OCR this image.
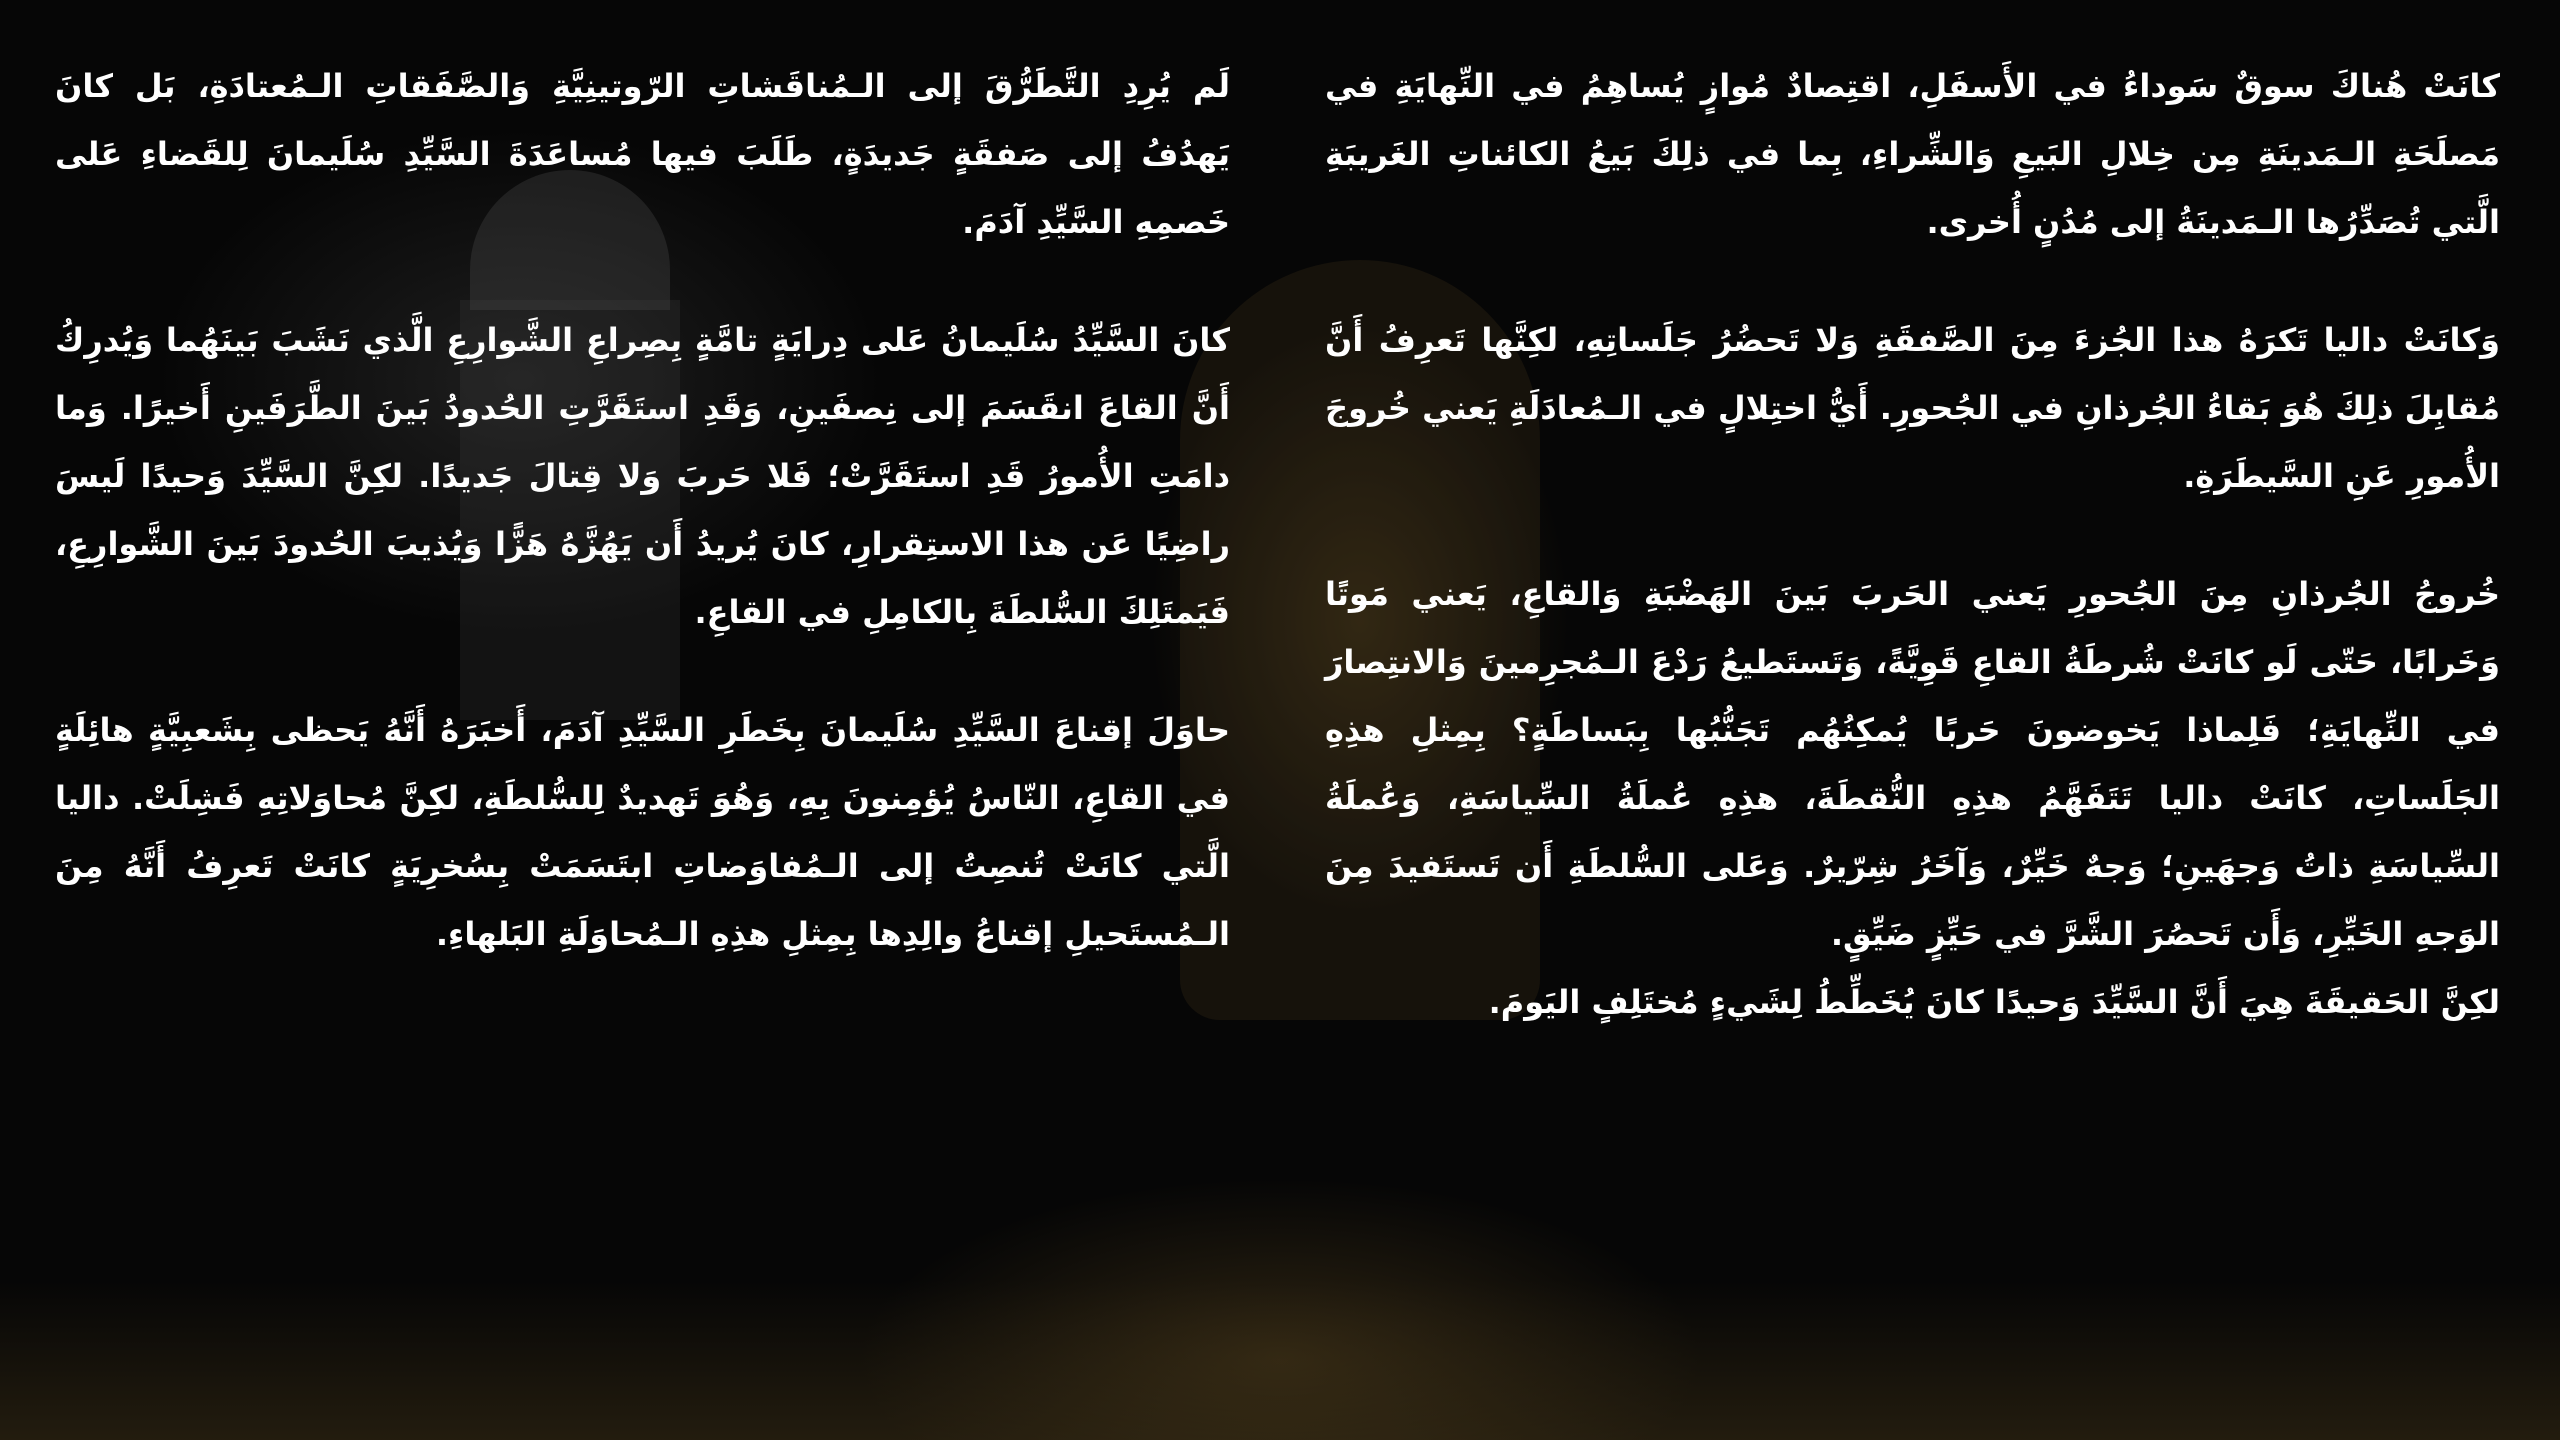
كانَتْ هُناكَ سوقٌ سَوداءُ في الأَسفَلِ، اقتِصادٌ مُوازٍ يُساهِمُ في النِّهايَةِ في مَصلَحَةِ الـمَدينَةِ مِن خِلالِ البَيعِ وَالشِّراءِ، بِما في ذلِكَ بَيعُ الكائناتِ الغَريبَةِ الَّتي تُصَدِّرُها الـمَدينَةُ إلى مُدُنٍ أُخرى.

وَكانَتْ داليا تَكرَهُ هذا الجُزءَ مِنَ الصَّفقَةِ وَلا تَحضُرُ جَلَساتِهِ، لكِنَّها تَعرِفُ أَنَّ مُقابِلَ ذلِكَ هُوَ بَقاءُ الجُرذانِ في الجُحورِ. أَيُّ اختِلالٍ في الـمُعادَلَةِ يَعني خُروجَ الأُمورِ عَنِ السَّيطَرَةِ.

خُروجُ الجُرذانِ مِنَ الجُحورِ يَعني الحَربَ بَينَ الهَضْبَةِ وَالقاعِ، يَعني مَوتًا وَخَرابًا، حَتّى لَو كانَتْ شُرطَةُ القاعِ قَوِيَّةً، وَتَستَطيعُ رَدْعَ الـمُجرِمينَ وَالانتِصارَ في النِّهايَةِ؛ فَلِماذا يَخوضونَ حَربًا يُمكِنُهُم تَجَنُّبُها بِبَساطَةٍ؟ بِمِثلِ هذِهِ الجَلَساتِ، كانَتْ داليا تَتَفَهَّمُ هذِهِ النُّقطَةَ، هذِهِ عُملَةُ السِّياسَةِ، وَعُملَةُ السِّياسَةِ ذاتُ وَجهَينِ؛ وَجهٌ خَيِّرٌ، وَآخَرُ شِرّيرٌ. وَعَلى السُّلطَةِ أَن تَستَفيدَ مِنَ الوَجهِ الخَيِّرِ، وَأَن تَحصُرَ الشَّرَّ في حَيِّزٍ ضَيِّقٍ.

لكِنَّ الحَقيقَةَ هِيَ أَنَّ السَّيِّدَ وَحيدًا كانَ يُخَطِّطُ لِشَيءٍ مُختَلِفٍ اليَومَ.

لَم يُرِدِ التَّطَرُّقَ إلى الـمُناقَشاتِ الرّوتينِيَّةِ وَالصَّفَقاتِ الـمُعتادَةِ، بَل كانَ يَهدُفُ إلى صَفقَةٍ جَديدَةٍ، طَلَبَ فيها مُساعَدَةَ السَّيِّدِ سُلَيمانَ لِلقَضاءِ عَلى خَصمِهِ السَّيِّدِ آدَمَ.

كانَ السَّيِّدُ سُلَيمانُ عَلى دِرايَةٍ تامَّةٍ بِصِراعِ الشَّوارِعِ الَّذي نَشَبَ بَينَهُما وَيُدرِكُ أَنَّ القاعَ انقَسَمَ إلى نِصفَينِ، وَقَدِ استَقَرَّتِ الحُدودُ بَينَ الطَّرَفَينِ أَخيرًا. وَما دامَتِ الأُمورُ قَدِ استَقَرَّتْ؛ فَلا حَربَ وَلا قِتالَ جَديدًا. لكِنَّ السَّيِّدَ وَحيدًا لَيسَ راضِيًا عَن هذا الاستِقرارِ، كانَ يُريدُ أَن يَهُزَّهُ هَزًّا وَيُذيبَ الحُدودَ بَينَ الشَّوارِعِ، فَيَمتَلِكَ السُّلطَةَ بِالكامِلِ في القاعِ.

حاوَلَ إقناعَ السَّيِّدِ سُلَيمانَ بِخَطَرِ السَّيِّدِ آدَمَ، أَخبَرَهُ أَنَّهُ يَحظى بِشَعبِيَّةٍ هائِلَةٍ في القاعِ، النّاسُ يُؤمِنونَ بِهِ، وَهُوَ تَهديدٌ لِلسُّلطَةِ، لكِنَّ مُحاوَلاتِهِ فَشِلَتْ. داليا الَّتي كانَتْ تُنصِتُ إلى الـمُفاوَضاتِ ابتَسَمَتْ بِسُخرِيَةٍ كانَتْ تَعرِفُ أَنَّهُ مِنَ الـمُستَحيلِ إقناعُ والِدِها بِمِثلِ هذِهِ الـمُحاوَلَةِ البَلهاءِ.
